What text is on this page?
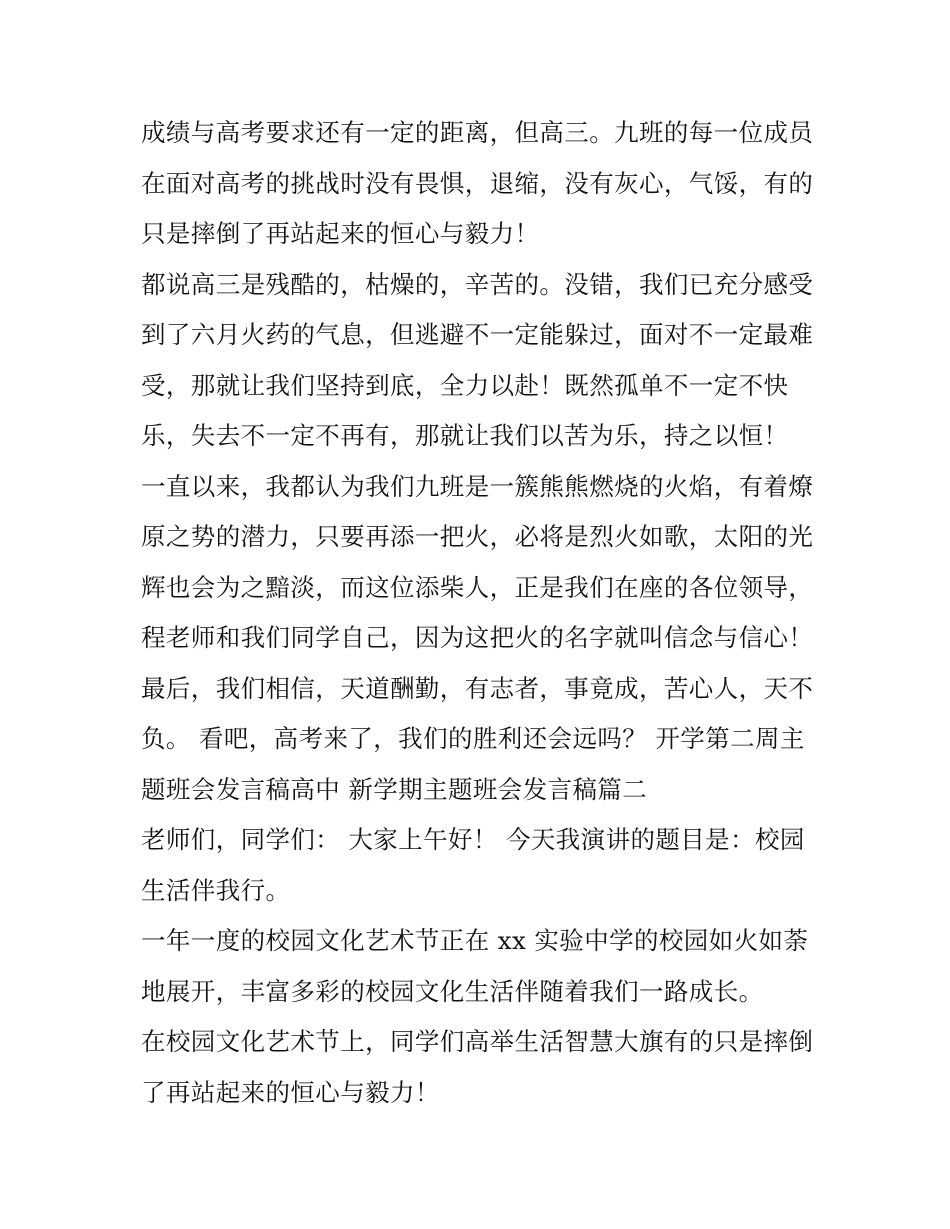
成绩与高考要求还有一定的距离，但高三。九班的每一位成员
在面对高考的挑战时没有畏惧，退缩，没有灰心，气馁，有的
只是摔倒了再站起来的恒心与毅力！
都说高三是残酷的，枯燥的，辛苦的。没错，我们已充分感受
到了六月火药的气息，但逃避不一定能躲过，面对不一定最难
受，那就让我们坚持到底，全力以赴！既然孤单不一定不快
乐，失去不一定不再有，那就让我们以苦为乐，持之以恒！
一直以来，我都认为我们九班是一簇熊熊燃烧的火焰，有着燎
原之势的潜力，只要再添一把火，必将是烈火如歌，太阳的光
辉也会为之黯淡，而这位添柴人，正是我们在座的各位领导，
程老师和我们同学自己，因为这把火的名字就叫信念与信心！
最后，我们相信，天道酬勤，有志者，事竟成，苦心人，天不
负。 看吧，高考来了，我们的胜利还会远吗？ 开学第二周主
题班会发言稿高中 新学期主题班会发言稿篇二
老师们，同学们： 大家上午好！ 今天我演讲的题目是：校园
生活伴我行。
一年一度的校园文化艺术节正在 xx 实验中学的校园如火如荼
地展开，丰富多彩的校园文化生活伴随着我们一路成长。
在校园文化艺术节上，同学们高举生活智慧大旗有的只是摔倒
了再站起来的恒心与毅力！
